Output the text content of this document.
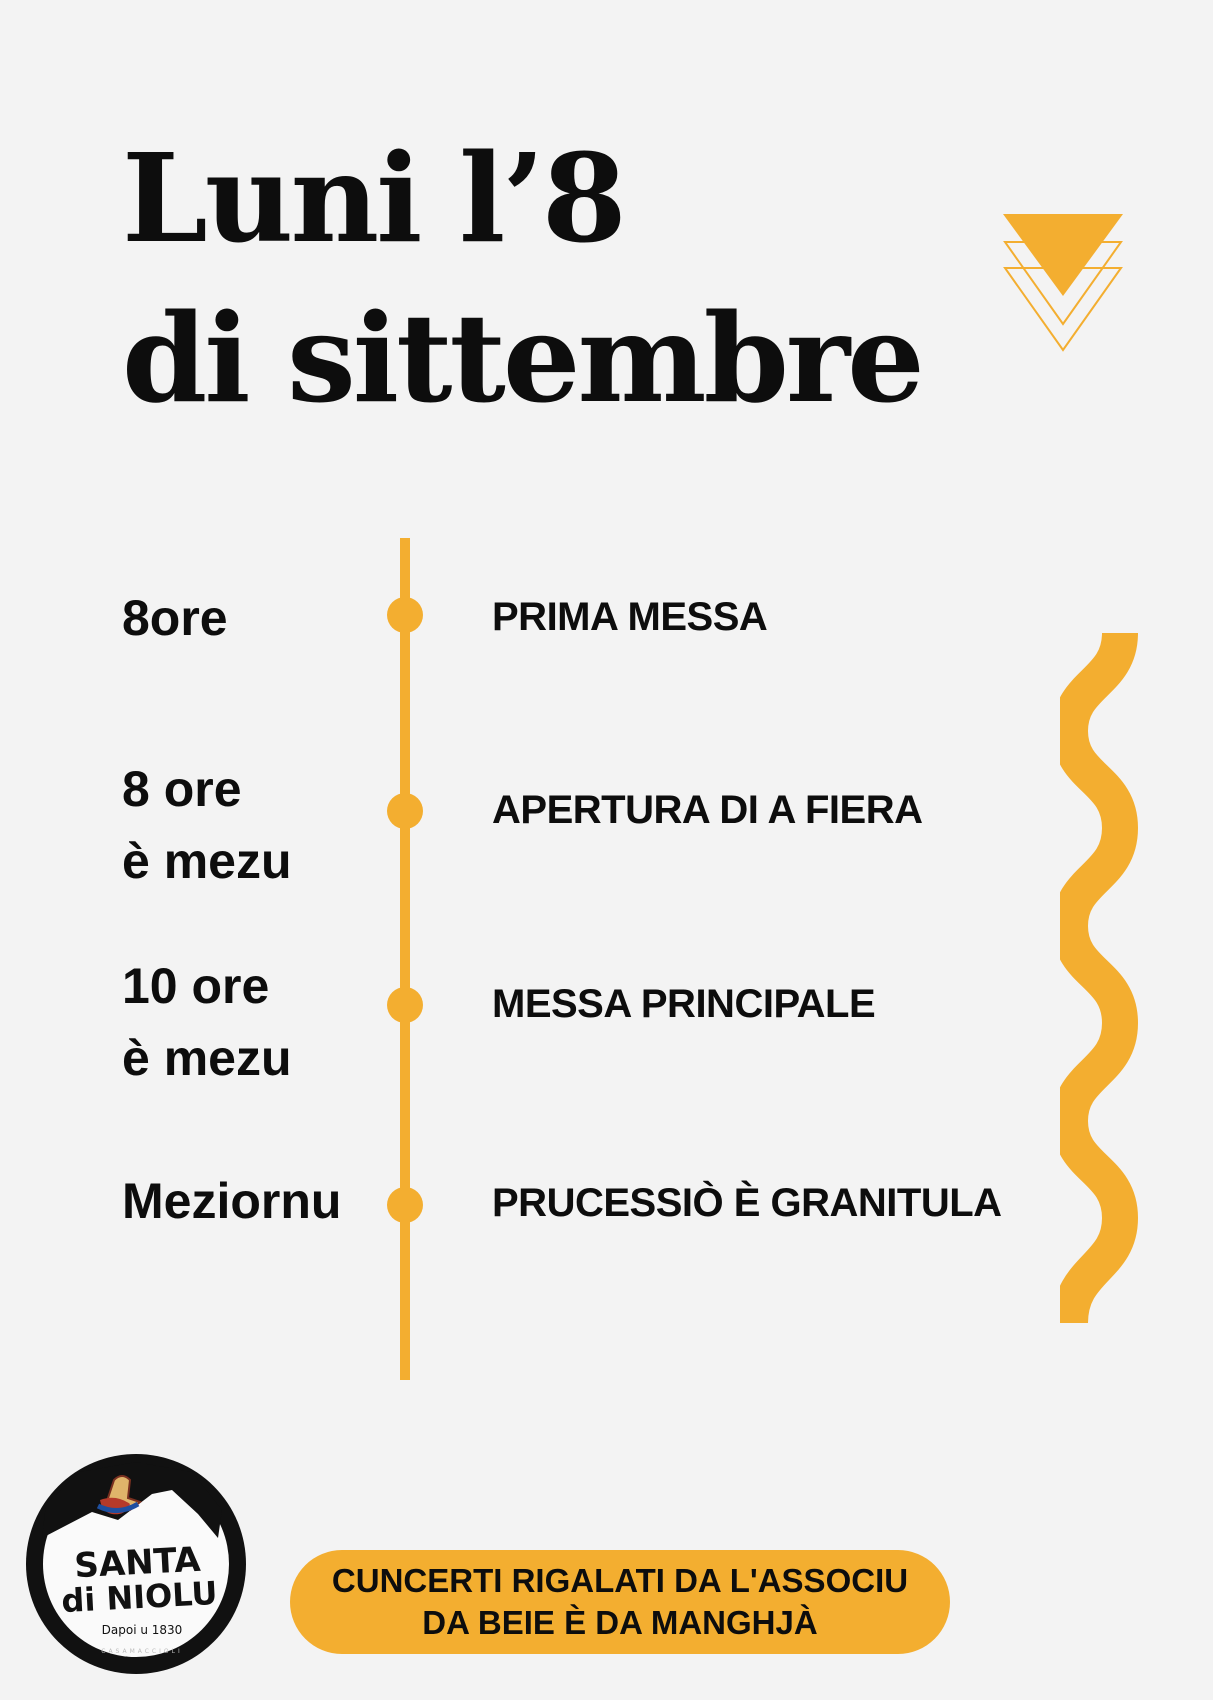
Luni l’8
di sittembre

8ore	PRIMA MESSA

8 ore
è mezu

APERTURA DI A FIERA

10 ore
è mezu

MESSA PRINCIPALE

Meziornu	PRUCESSIÒ È GRANITULA
SANTA
di NIOLU
Dapoi u 1830
CASAMACCIOLI
CUNCERTI RIGALATI DA L'ASSOCIU
DA BEIE È DA MANGHJÀ
